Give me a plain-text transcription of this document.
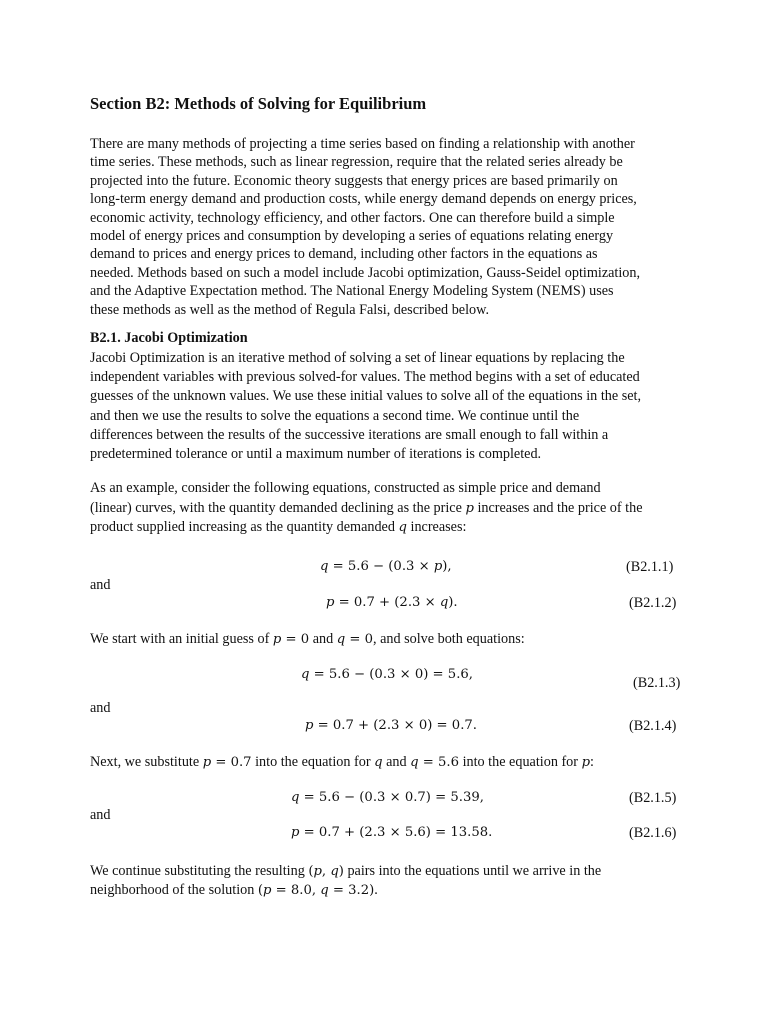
Section B2: Methods of Solving for Equilibrium
There are many methods of projecting a time series based on finding a relationship with another
time series. These methods, such as linear regression, require that the related series already be
projected into the future. Economic theory suggests that energy prices are based primarily on
long-term energy demand and production costs, while energy demand depends on energy prices,
economic activity, technology efficiency, and other factors. One can therefore build a simple
model of energy prices and consumption by developing a series of equations relating energy
demand to prices and energy prices to demand, including other factors in the equations as
needed. Methods based on such a model include Jacobi optimization, Gauss-Seidel optimization,
and the Adaptive Expectation method. The National Energy Modeling System (NEMS) uses
these methods as well as the method of Regula Falsi, described below.
B2.1. Jacobi Optimization
Jacobi Optimization is an iterative method of solving a set of linear equations by replacing the
independent variables with previous solved-for values. The method begins with a set of educated
guesses of the unknown values. We use these initial values to solve all of the equations in the set,
and then we use the results to solve the equations a second time. We continue until the
differences between the results of the successive iterations are small enough to fall within a
predetermined tolerance or until a maximum number of iterations is completed.
As an example, consider the following equations, constructed as simple price and demand
(linear) curves, with the quantity demanded declining as the price p increases and the price of the
product supplied increasing as the quantity demanded q increases:
𝑞 = 5.6 − (0.3 × 𝑝),	(B2.1.1)
and
𝑝 = 0.7 + (2.3 × 𝑞).	(B2.1.2)
We start with an initial guess of 𝑝 = 0 and 𝑞 = 0, and solve both equations:
𝑞 = 5.6 − (0.3 × 0) = 5.6,
(B2.1.3)
and
𝑝 = 0.7 + (2.3 × 0) = 0.7.	(B2.1.4)
Next, we substitute 𝑝 = 0.7 into the equation for 𝑞 and 𝑞 = 5.6 into the equation for 𝑝:
𝑞 = 5.6 − (0.3 × 0.7) = 5.39,	(B2.1.5)
and
𝑝 = 0.7 + (2.3 × 5.6) = 13.58.	(B2.1.6)
We continue substituting the resulting (𝑝, 𝑞) pairs into the equations until we arrive in the
neighborhood of the solution (𝑝 = 8.0, 𝑞 = 3.2).
